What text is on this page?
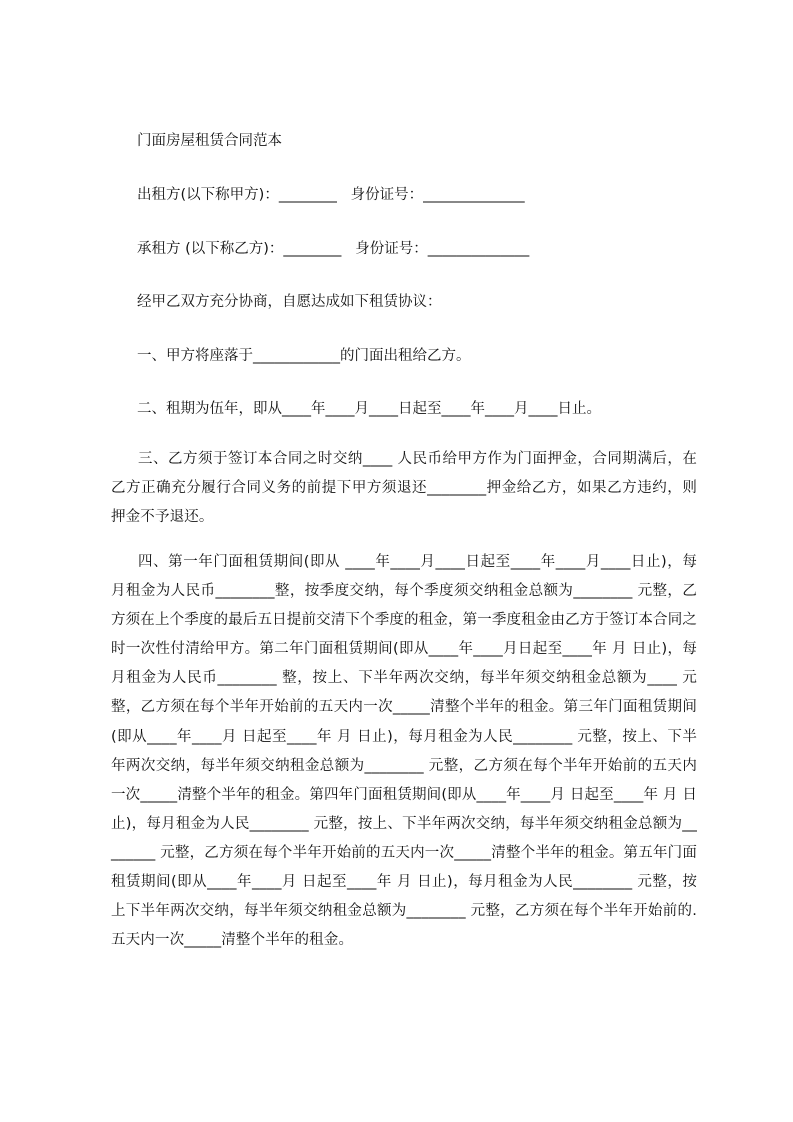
门面房屋租赁合同范本

出租方(以下称甲方)：________   身份证号：______________

承租方 (以下称乙方)：________   身份证号：______________

经甲乙双方充分协商，自愿达成如下租赁协议：

一、甲方将座落于____________的门面出租给乙方。

二、租期为伍年，即从____年____月____日起至____年____月____日止。

三、乙方须于签订本合同之时交纳____ 人民币给甲方作为门面押金，合同期满后，在乙方正确充分履行合同义务的前提下甲方须退还________押金给乙方，如果乙方违约，则押金不予退还。

四、第一年门面租赁期间(即从 ____年____月____日起至____年____月____日止)，每月租金为人民币________整，按季度交纳，每个季度须交纳租金总额为________ 元整，乙方须在上个季度的最后五日提前交清下个季度的租金，第一季度租金由乙方于签订本合同之时一次性付清给甲方。第二年门面租赁期间(即从____年____月日起至____年 月 日止)，每月租金为人民币________ 整，按上、下半年两次交纳，每半年须交纳租金总额为____ 元整，乙方须在每个半年开始前的五天内一次_____清整个半年的租金。第三年门面租赁期间(即从____年____月 日起至____年 月 日止)，每月租金为人民________ 元整，按上、下半年两次交纳，每半年须交纳租金总额为________ 元整，乙方须在每个半年开始前的五天内一次_____清整个半年的租金。第四年门面租赁期间(即从____年____月 日起至____年 月 日止)，每月租金为人民________ 元整，按上、下半年两次交纳，每半年须交纳租金总额为________ 元整，乙方须在每个半年开始前的五天内一次_____清整个半年的租金。第五年门面租赁期间(即从____年____月 日起至____年 月 日止)，每月租金为人民________ 元整，按上下半年两次交纳，每半年须交纳租金总额为________ 元整，乙方须在每个半年开始前的. 五天内一次_____清整个半年的租金。
